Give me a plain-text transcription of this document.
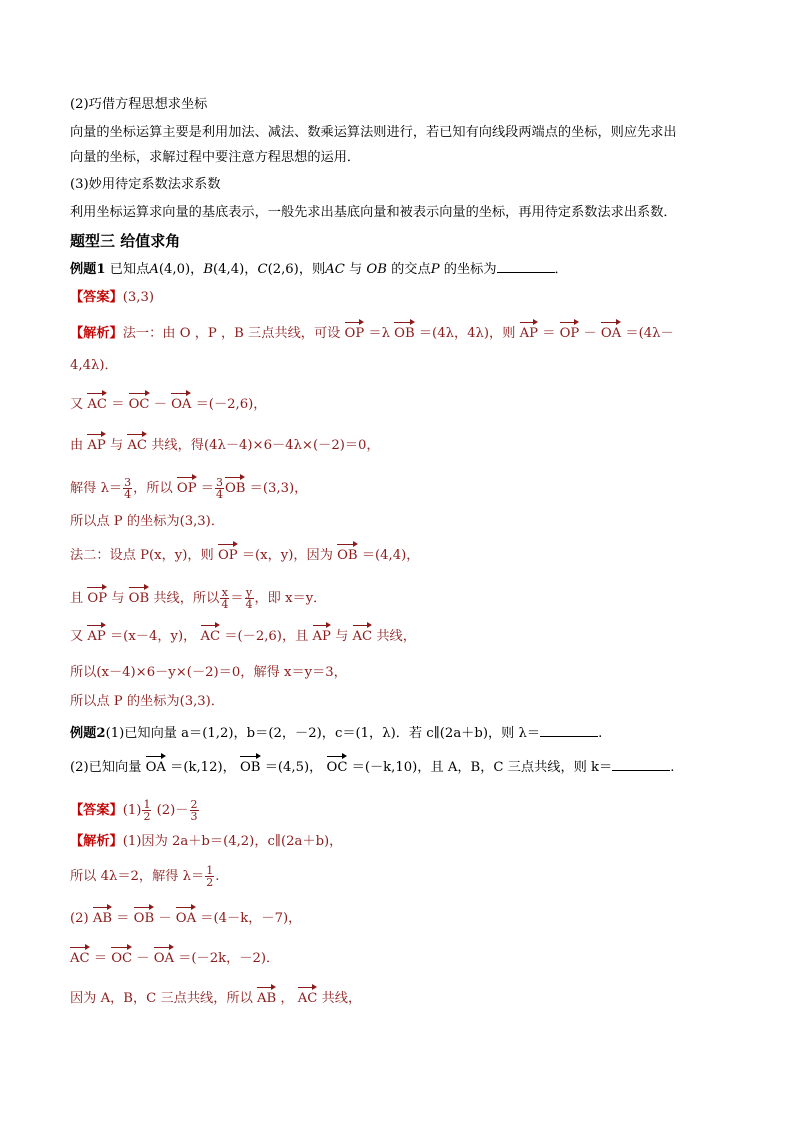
(2)巧借方程思想求坐标
向量的坐标运算主要是利用加法、减法、数乘运算法则进行，若已知有向线段两端点的坐标，则应先求出
向量的坐标，求解过程中要注意方程思想的运用．
(3)妙用待定系数法求系数
利用坐标运算求向量的基底表示，一般先求出基底向量和被表示向量的坐标，再用待定系数法求出系数．
题型三 给值求角
例题1 已知点A(4,0)，B(4,4)，C(2,6)，则AC 与 OB 的交点P 的坐标为	．
【答案】(3,3)
【解析】法一：由 O ，P ，B 三点共线，可设 OP ＝λ OB ＝(4λ，4λ)，则 AP ＝ OP － OA ＝(4λ－
4,4λ)．
又 AC ＝ OC － OA ＝(－2,6)，
由 AP 与 AC 共线，得(4λ－4)×6－4λ×(－2)＝0，
解得 $\lambda= \frac{3}{4}$ ，所以 OP ＝ $\frac{3}{4}$ OB ＝(3,3)，
所以点 P 的坐标为(3,3)．
法二：设点 P(x，y)，则 OP ＝(x，y)，因为 OB ＝(4,4)，
且 OP 与 OB 共线，所以 $\frac{x}{4} = \frac{y}{4}$ ，即 x＝y．
又 AP ＝(x－4，y)， AC ＝(－2,6)，且 AP 与 AC 共线，
所以(x－4)×6－y×(－2)＝0，解得 x＝y＝3，
所以点 P 的坐标为(3,3)．
例题2(1)已知向量 a＝(1,2)，b＝(2，－2)，c＝(1，λ)．若 c∥(2a＋b)，则 λ＝	.
(2)已知向量 OA ＝(k,12)， OB ＝(4,5)， OC ＝(－k,10)，且 A，B，C 三点共线，则 k＝	.
【答案】$(1) \frac{1}{2} (2)- \frac{2}{3}$
【解析】(1)因为 2a＋b＝(4,2)，c∥(2a＋b)，
所以 4λ＝2，解得 $\lambda= \frac{1}{2}$ .
(2) AB ＝ OB － OA ＝(4－k，－7)，
AC ＝ OC － OA ＝(－2k，－2)．
因为 A，B，C 三点共线，所以 AB ， AC 共线，
